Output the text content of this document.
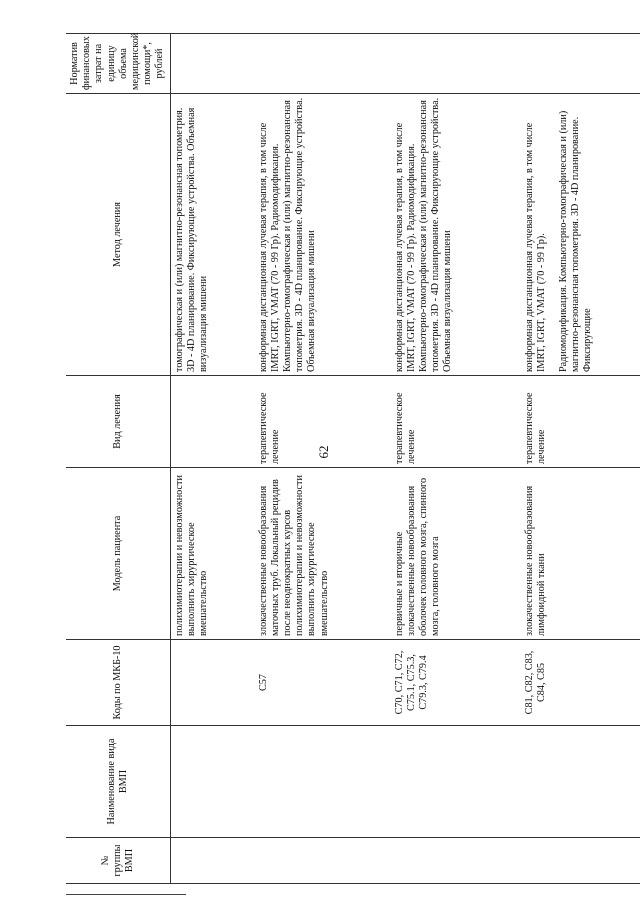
62
№ группы ВМП	Наименование вида ВМП	Коды по МКБ-10	Модель пациента	Вид лечения	Метод лечения	Норматив финансовых затрат на единицу объема медицинской помощи*, рублей
			полихимиотерапии и невозможности выполнить хирургическое вмешательство		томографическая и (или) магнитно-резонансная топометрия. 3D - 4D планирование. Фиксирующие устройства. Объемная визуализация мишени	

		C57	злокачественные новообразования маточных труб. Локальный рецидив после неоднократных курсов полихимиотерапии и невозможности выполнить хирургическое вмешательство	терапевтическое лечение	конформная дистанционная лучевая терапия, в том числе IMRT, IGRT, VMAT (70 - 99 Гр). Радиомодификация. Компьютерно-томографическая и (или) магнитно-резонансная топометрия. 3D - 4D планирование. Фиксирующие устройства. Объемная визуализация мишени	

		C70, C71, C72, C75.1, C75.3, C79.3, C79.4	первичные и вторичные злокачественные новообразования оболочек головного мозга, спинного мозга, головного мозга	терапевтическое лечение	конформная дистанционная лучевая терапия, в том числе IMRT, IGRT, VMAT (70 - 99 Гр). Радиомодификация. Компьютерно-томографическая и (или) магнитно-резонансная топометрия. 3D - 4D планирование. Фиксирующие устройства. Объемная визуализация мишени	

		C81, C82, C83, C84, C85	злокачественные новообразования лимфоидной ткани	терапевтическое лечение	конформная дистанционная лучевая терапия, в том числе IMRT, IGRT, VMAT (70 - 99 Гр). Радиомодификация. Компьютерно-томографическая и (или) магнитно-резонансная топометрия. 3D - 4D планирование. Фиксирующие	
